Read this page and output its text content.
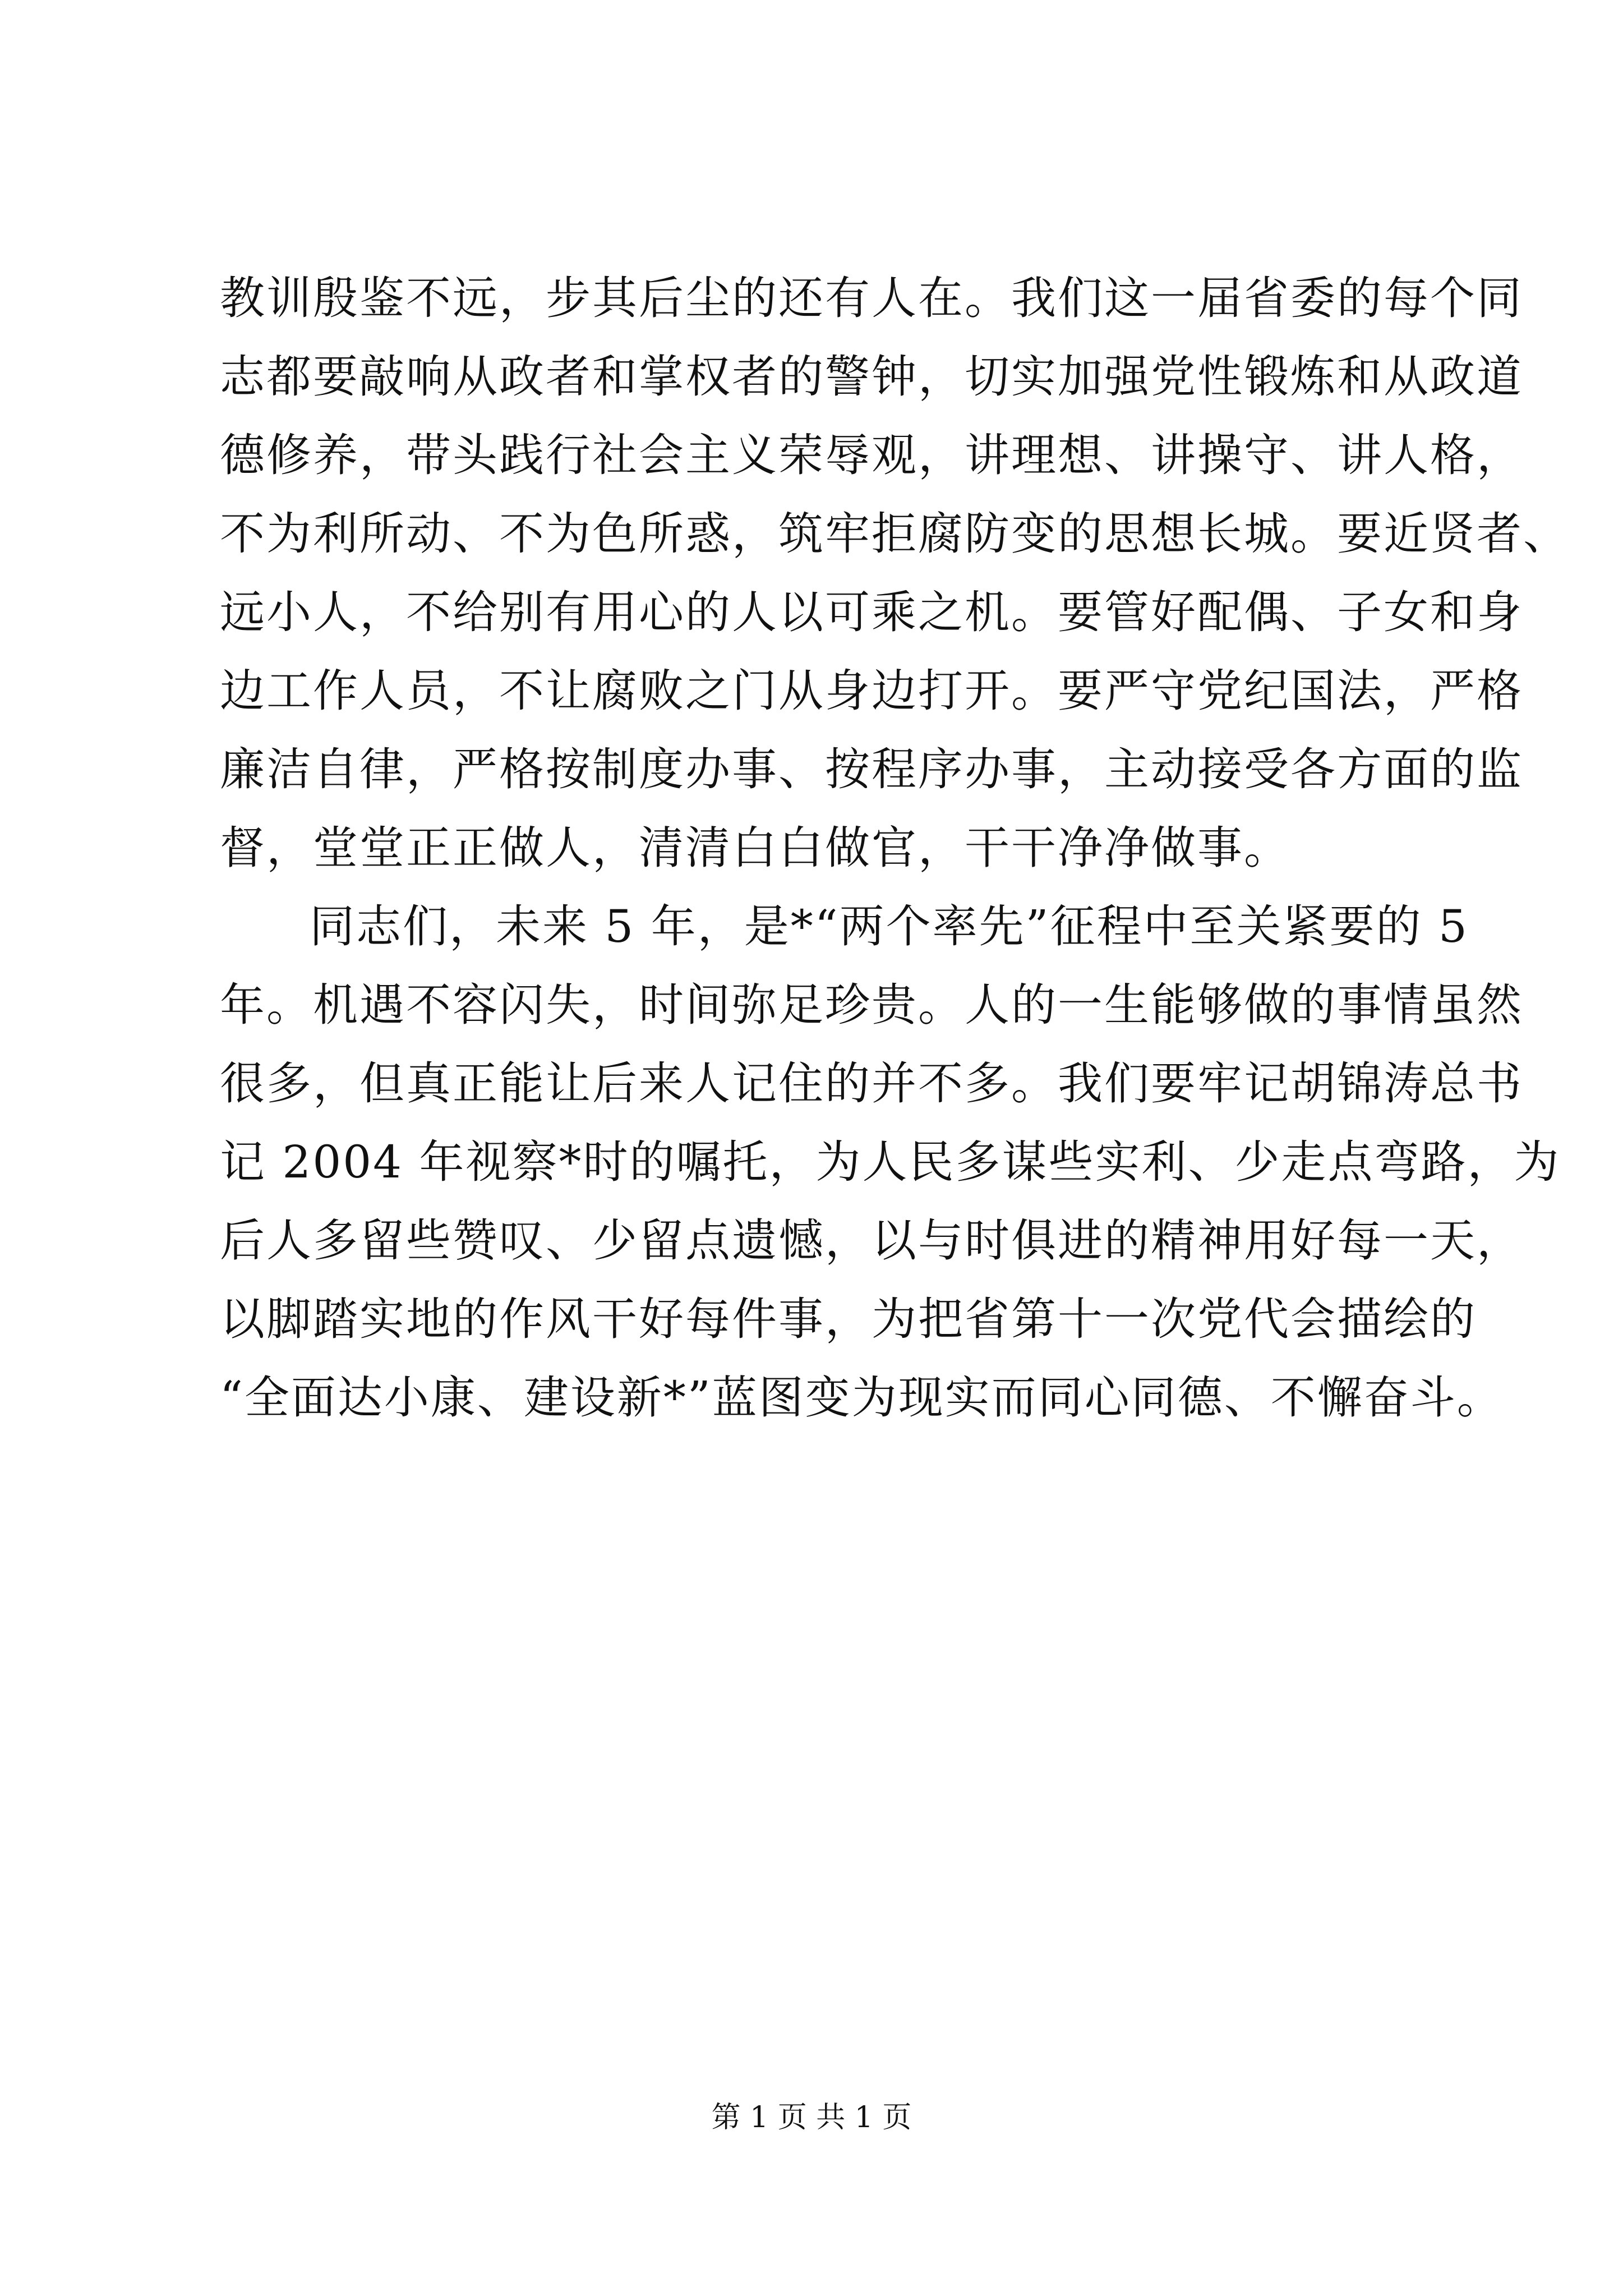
教训殷鉴不远，步其后尘的还有人在。我们这一届省委的每个同
志都要敲响从政者和掌权者的警钟，切实加强党性锻炼和从政道
德修养，带头践行社会主义荣辱观，讲理想、讲操守、讲人格，
不为利所动、不为色所惑，筑牢拒腐防变的思想长城。要近贤者、
远小人，不给别有用心的人以可乘之机。要管好配偶、子女和身
边工作人员，不让腐败之门从身边打开。要严守党纪国法，严格
廉洁自律，严格按制度办事、按程序办事，主动接受各方面的监
督，堂堂正正做人，清清白白做官，干干净净做事。
同志们，未来 5 年，是*“两个率先”征程中至关紧要的 5
年。机遇不容闪失，时间弥足珍贵。人的一生能够做的事情虽然
很多，但真正能让后来人记住的并不多。我们要牢记胡锦涛总书
记 2004 年视察*时的嘱托，为人民多谋些实利、少走点弯路，为
后人多留些赞叹、少留点遗憾，以与时俱进的精神用好每一天，
以脚踏实地的作风干好每件事，为把省第十一次党代会描绘的
“全面达小康、建设新*”蓝图变为现实而同心同德、不懈奋斗。
第 1 页 共 1 页
